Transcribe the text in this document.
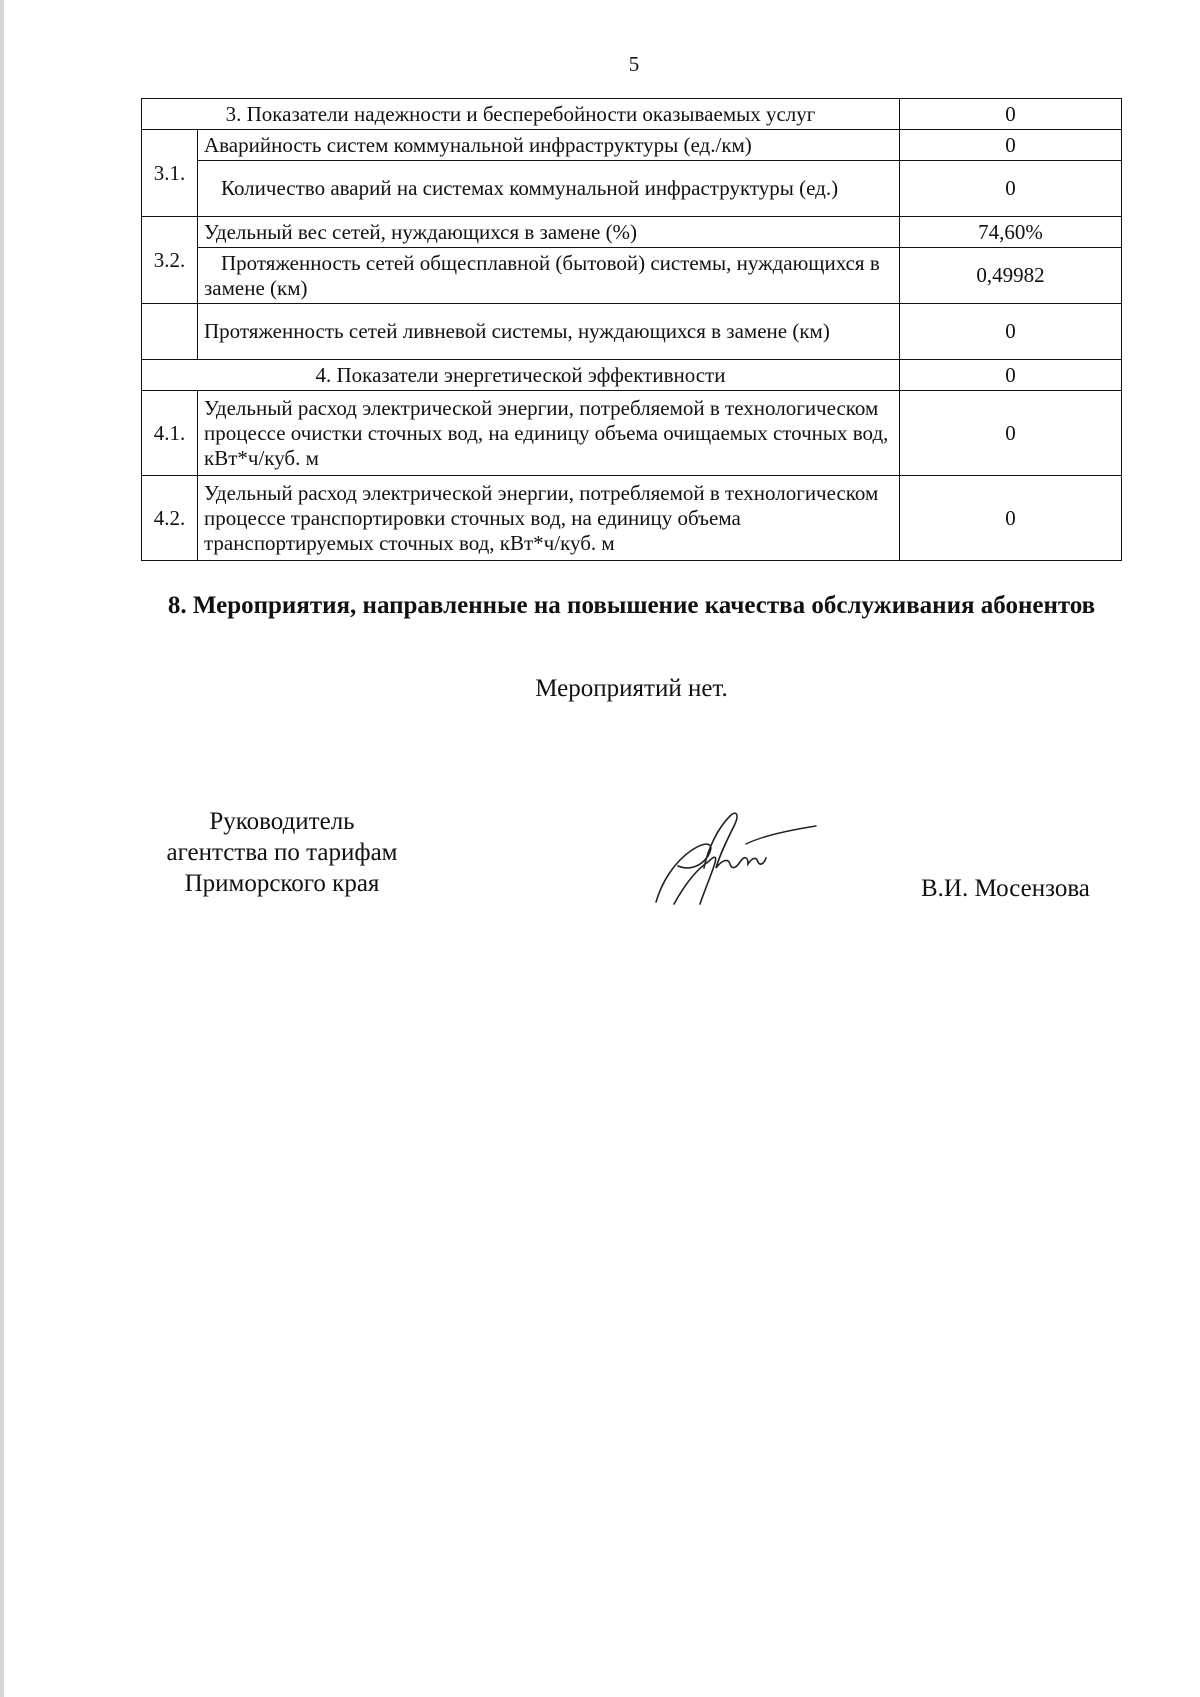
5
3. Показатели надежности и бесперебойности оказываемых услуг		0
3.1.	Аварийность систем коммунальной инфраструктуры (ед./км)	0
	Количество аварий на системах коммунальной инфраструктуры (ед.)	0
3.2.	Удельный вес сетей, нуждающихся в замене (%)	74,60%
	Протяженность сетей общесплавной (бытовой) системы, нуждающихся в замене (км)	0,49982
	Протяженность сетей ливневой системы, нуждающихся в замене (км)	0
4. Показатели энергетической эффективности		0
4.1.	Удельный расход электрической энергии, потребляемой в технологическом процессе очистки сточных вод, на единицу объема очищаемых сточных вод, кВт*ч/куб. м	0
4.2.	Удельный расход электрической энергии, потребляемой в технологическом процессе транспортировки сточных вод, на единицу объема транспортируемых сточных вод, кВт*ч/куб. м	0
8. Мероприятия, направленные на повышение качества обслуживания абонентов
Мероприятий нет.
Руководитель
агентства по тарифам
Приморского края	В.И. Мосензова
